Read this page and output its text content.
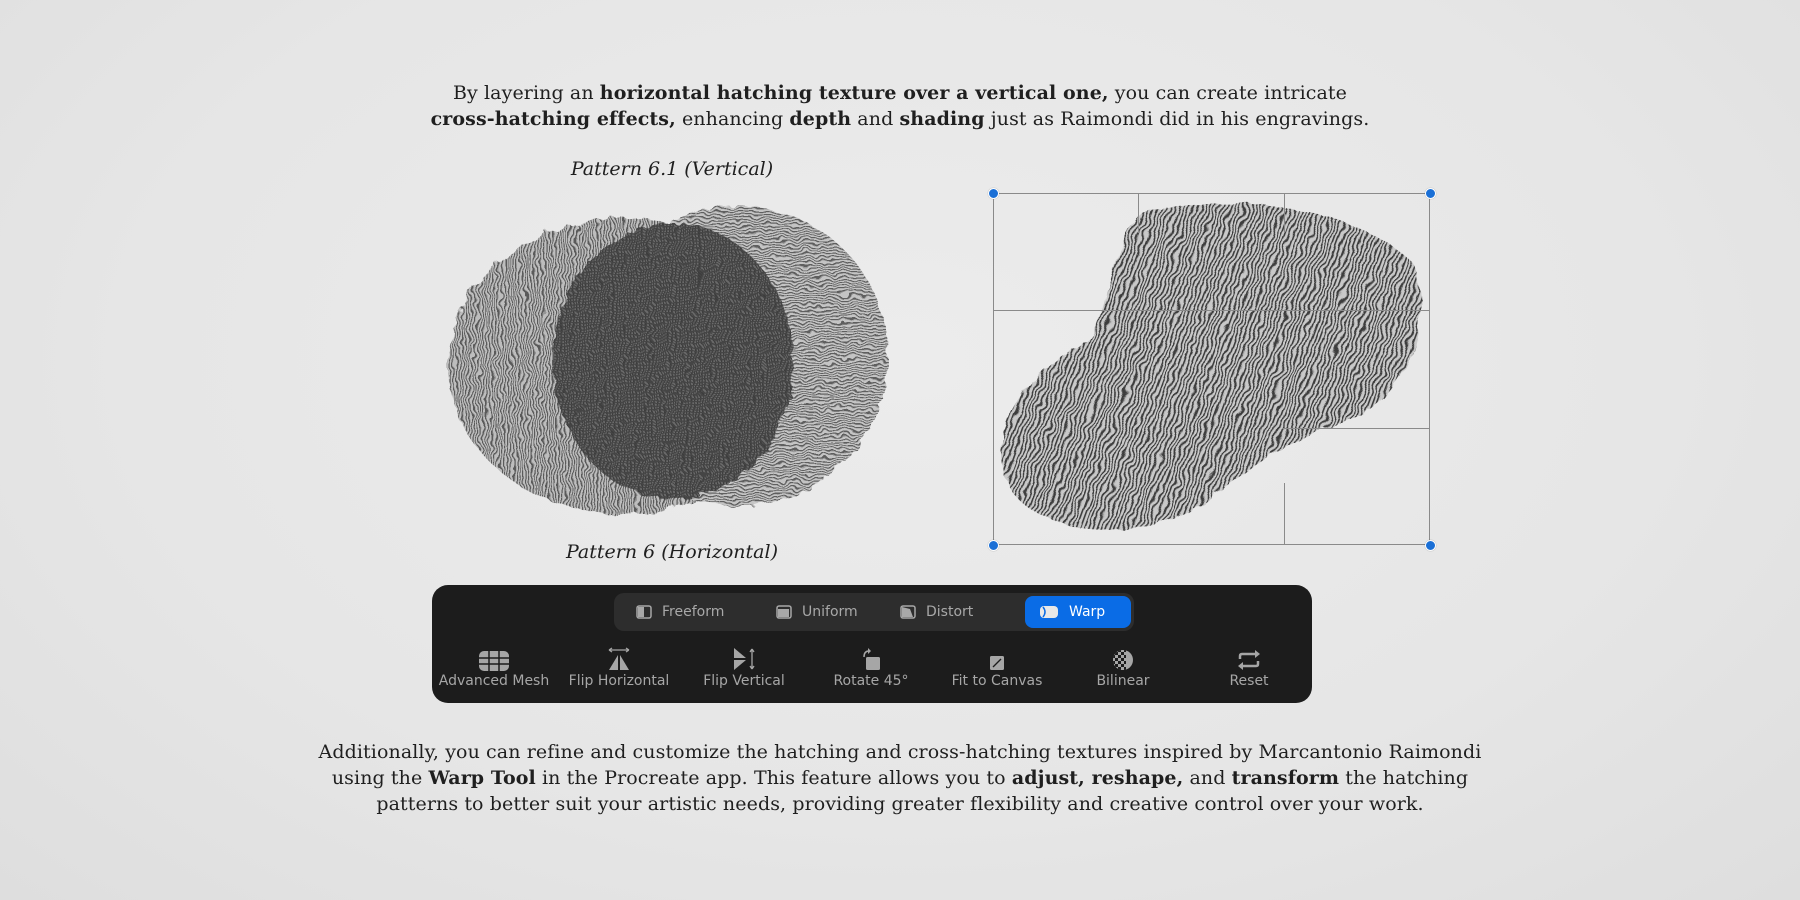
By layering an horizontal hatching texture over a vertical one, you can create intricate
cross-hatching effects, enhancing depth and shading just as Raimondi did in his engravings.
Pattern 6.1 (Vertical)
Pattern 6 (Horizontal)
Freeform	Uniform	Distort	Warp
Advanced Mesh	Flip Horizontal	Flip Vertical	Rotate 45°	Fit to Canvas	Bilinear	Reset
Additionally, you can refine and customize the hatching and cross-hatching textures inspired by Marcantonio Raimondi
using the Warp Tool in the Procreate app. This feature allows you to adjust, reshape, and transform the hatching
patterns to better suit your artistic needs, providing greater flexibility and creative control over your work.
